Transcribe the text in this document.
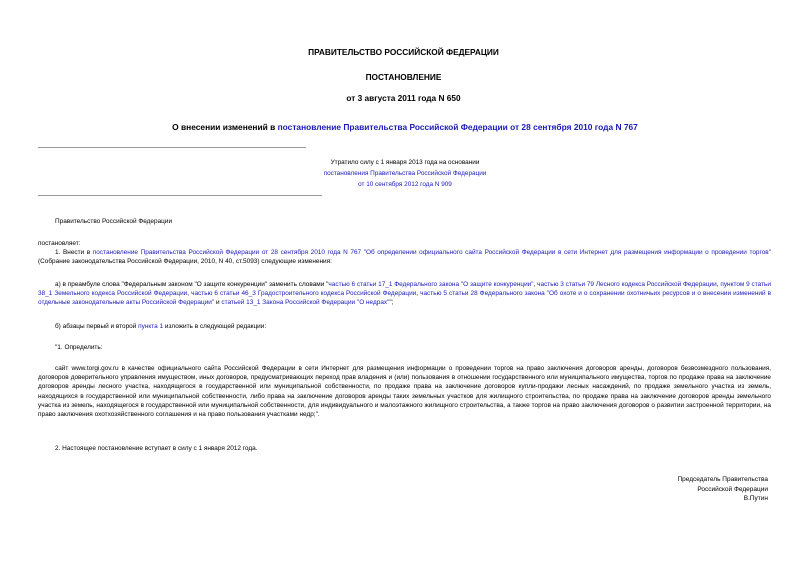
ПРАВИТЕЛЬСТВО РОССИЙСКОЙ ФЕДЕРАЦИИ
ПОСТАНОВЛЕНИЕ
от 3 августа 2011 года N 650
О внесении изменений в постановление Правительства Российской Федерации от 28 сентября 2010 года N 767
Утратило силу с 1 января 2013 года на основании
постановления Правительства Российской Федерации
от 10 сентября 2012 года N 909
Правительство Российской Федерации
постановляет:
1. Внести в постановление Правительства Российской Федерации от 28 сентября 2010 года N 767 "Об определении официального сайта Российской Федерации в сети Интернет для размещения информации о проведении торгов" (Собрание законодательства Российской Федерации, 2010, N 40, ст.5093) следующие изменения:
а) в преамбуле слова "Федеральным законом "О защите конкуренции" заменить словами "частью 6 статьи 17_1 Федерального закона "О защите конкуренции", частью 3 статьи 79 Лесного кодекса Российской Федерации, пунктом 9 статьи 38_1 Земельного кодекса Российской Федерации, частью 6 статьи 46_3 Градостроительного кодекса Российской Федерации, частью 5 статьи 28 Федерального закона "Об охоте и о сохранении охотничьих ресурсов и о внесении изменений в отдельные законодательные акты Российской Федерации" и статьей 13_1 Закона Российской Федерации "О недрах"";
б) абзацы первый и второй пункта 1 изложить в следующей редакции:
"1. Определить:
сайт www.torgi.gov.ru в качестве официального сайта Российской Федерации в сети Интернет для размещения информации о проведении торгов на право заключения договоров аренды, договоров безвозмездного пользования, договоров доверительного управления имуществом, иных договоров, предусматривающих переход прав владения и (или) пользования в отношении государственного или муниципального имущества, торгов по продаже права на заключение договоров аренды лесного участка, находящегося в государственной или муниципальной собственности, по продаже права на заключение договоров купли-продажи лесных насаждений, по продаже земельного участка из земель, находящихся в государственной или муниципальной собственности, либо права на заключение договоров аренды таких земельных участков для жилищного строительства, по продаже права на заключение договоров аренды земельного участка из земель, находящегося в государственной или муниципальной собственности, для индивидуального и малоэтажного жилищного строительства, а также торгов на право заключения договоров о развитии застроенной территории, на право заключения охотхозяйственного соглашения и на право пользования участками недр;".
2. Настоящее постановление вступает в силу с 1 января 2012 года.
Председатель Правительства
Российской Федерации
В.Путин
